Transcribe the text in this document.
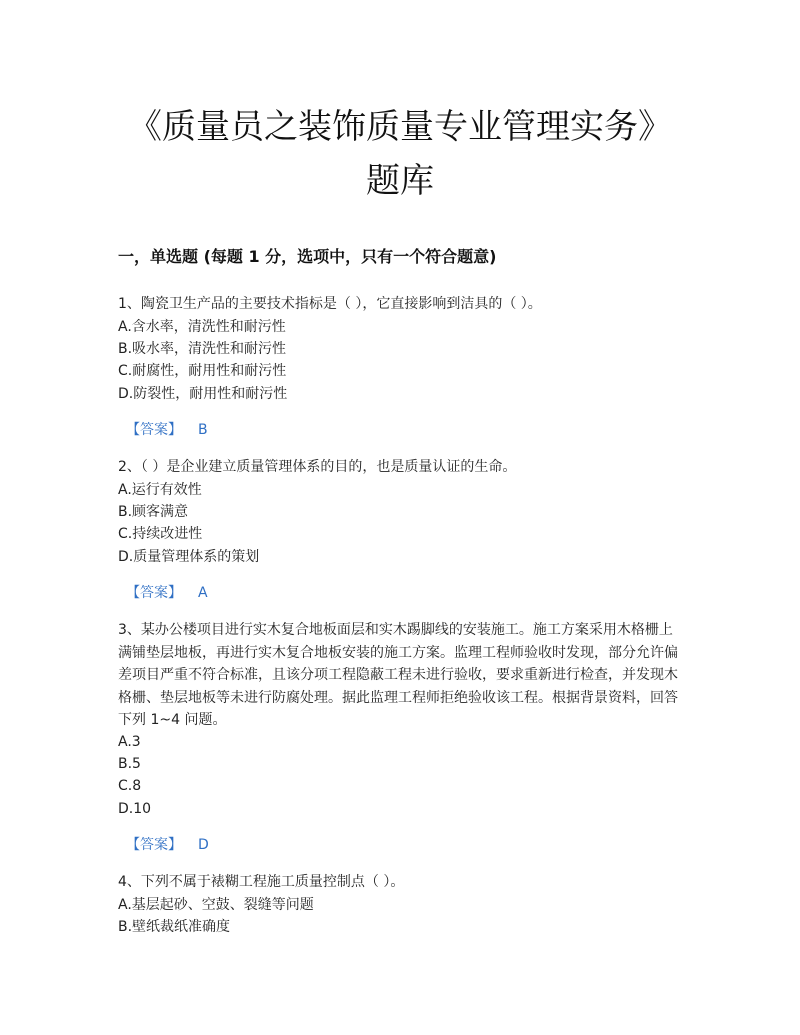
《质量员之装饰质量专业管理实务》
题库
一，单选题 (每题 1 分，选项中，只有一个符合题意)

1、陶瓷卫生产品的主要技术指标是（ ），它直接影响到洁具的（ ）。

A.含水率，清洗性和耐污性
B.吸水率，清洗性和耐污性
C.耐腐性，耐用性和耐污性
D.防裂性，耐用性和耐污性
【答案】 B

2、（ ）是企业建立质量管理体系的目的，也是质量认证的生命。

A.运行有效性
B.顾客满意
C.持续改进性
D.质量管理体系的策划
【答案】 A

3、某办公楼项目进行实木复合地板面层和实木踢脚线的安装施工。施工方案采用木格栅上满铺垫层地板，再进行实木复合地板安装的施工方案。监理工程师验收时发现，部分允许偏差项目严重不符合标准，且该分项工程隐蔽工程未进行验收，要求重新进行检查，并发现木格栅、垫层地板等未进行防腐处理。据此监理工程师拒绝验收该工程。根据背景资料，回答下列 1~4 问题。

A.3
B.5
C.8
D.10
【答案】 D

4、下列不属于裱糊工程施工质量控制点（ ）。

A.基层起砂、空鼓、裂缝等问题
B.壁纸裁纸准确度
